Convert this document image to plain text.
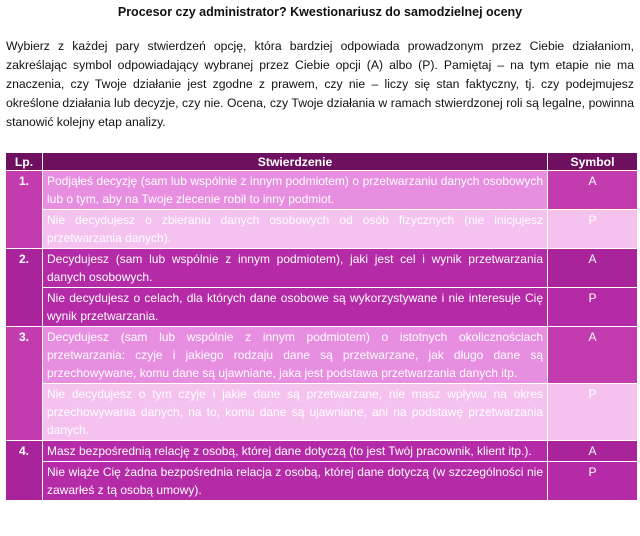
Procesor czy administrator? Kwestionariusz do samodzielnej oceny
Wybierz z każdej pary stwierdzeń opcję, która bardziej odpowiada prowadzonym przez Ciebie działaniom, zakreślając symbol odpowiadający wybranej przez Ciebie opcji (A) albo (P). Pamiętaj – na tym etapie nie ma znaczenia, czy Twoje działanie jest zgodne z prawem, czy nie – liczy się stan faktyczny, tj. czy podejmujesz określone działania lub decyzje, czy nie. Ocena, czy Twoje działania w ramach stwierdzonej roli są legalne, powinna stanowić kolejny etap analizy.
Lp.	Stwierdzenie	Symbol
1.	Podjąłeś decyzję (sam lub wspólnie z innym podmiotem) o przetwarzaniu danych osobowych lub o tym, aby na Twoje zlecenie robił to inny podmiot.	A
	Nie decydujesz o zbieraniu danych osobowych od osób fizycznych (nie inicjujesz przetwarzania danych).	P
2.	Decydujesz (sam lub wspólnie z innym podmiotem), jaki jest cel i wynik przetwarzania danych osobowych.	A
	Nie decydujesz o celach, dla których dane osobowe są wykorzystywane i nie interesuje Cię wynik przetwarzania.	P
3.	Decydujesz (sam lub wspólnie z innym podmiotem) o istotnych okolicznościach przetwarzania: czyje i jakiego rodzaju dane są przetwarzane, jak długo dane są przechowywane, komu dane są ujawniane, jaka jest podstawa przetwarzania danych itp.	A
	Nie decydujesz o tym czyje i jakie dane są przetwarzane, nie masz wpływu na okres przechowywania danych, na to, komu dane są ujawniane, ani na podstawę przetwarzania danych.	P
4.	Masz bezpośrednią relację z osobą, której dane dotyczą (to jest Twój pracownik, klient itp.).	A
	Nie wiąże Cię żadna bezpośrednia relacja z osobą, której dane dotyczą (w szczególności nie zawarłeś z tą osobą umowy).	P
